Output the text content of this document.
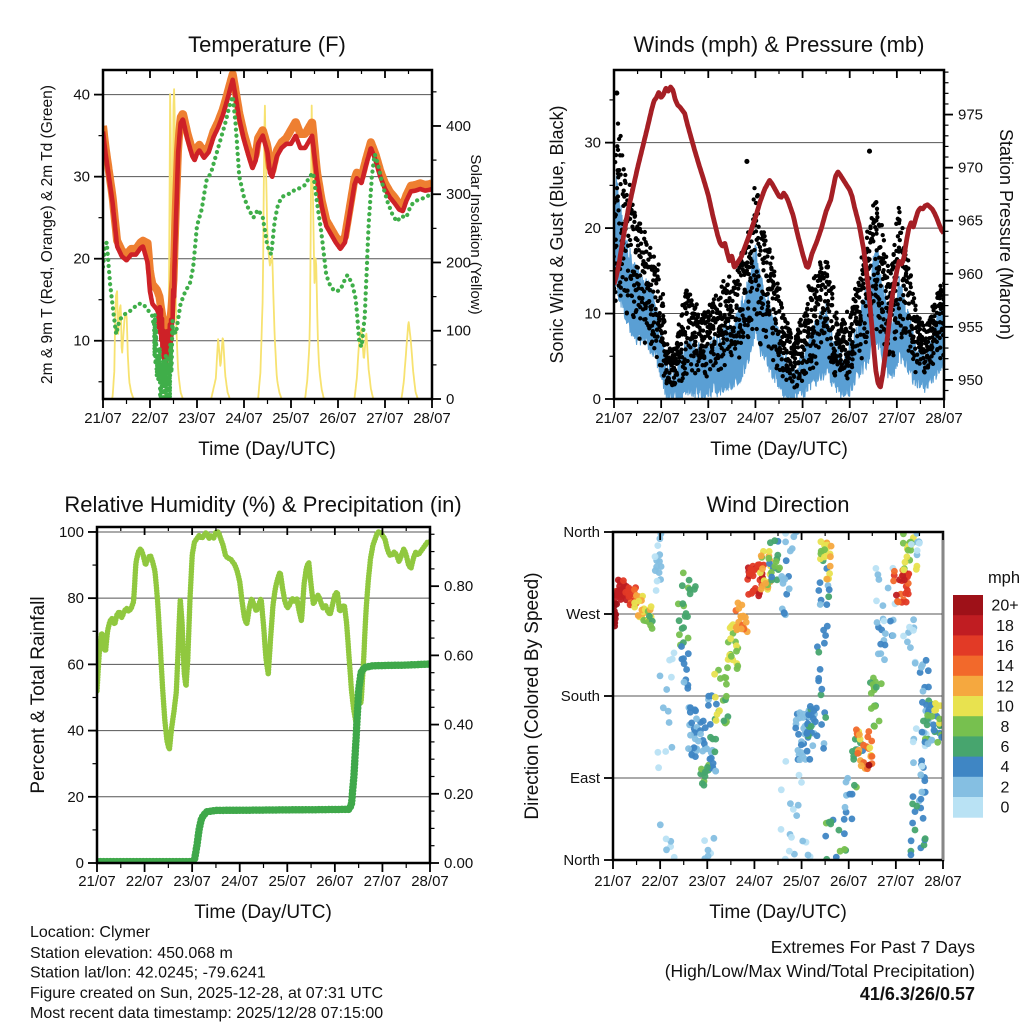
21/07 22/07 23/07 24/07 25/07 26/07 27/07 28/07
10
20
30
40
0
100
200
300
400
Solar Insolation (Yellow)
Temperature (F)
Time (Day/UTC)
2m & 9m T (Red, Orange) & 2m Td (Green)
21/07 22/07 23/07 24/07 25/07 26/07 27/07 28/07
0
10
20
30
950
955
960
965
970
975
Station Pressure (Maroon)
Winds (mph) & Pressure (mb)
Time (Day/UTC)
Sonic Wind & Gust (Blue, Black)
21/07 22/07 23/07 24/07 25/07 26/07 27/07 28/07
0
20
40
60
80
100
0.00
0.20
0.40
0.60
0.80
Relative Humidity (%) & Precipitation (in)
Time (Day/UTC)
Percent & Total Rainfall	20+
18
16
14
12
10
8
6
4
2
0
mph
21/07 22/07 23/07 24/07 25/07 26/07 27/07 28/07
North
West
South
East
North
Wind Direction
Time (Day/UTC)
Direction (Colored By Speed)
Location: Clymer
Station elevation: 450.068 m
Station lat/lon: 42.0245; -79.6241
Figure created on Sun, 2025-12-28, at 07:31 UTC
Most recent data timestamp: 2025/12/28 07:15:00
Extremes For Past 7 Days
(High/Low/Max Wind/Total Precipitation)
41/6.3/26/0.57
